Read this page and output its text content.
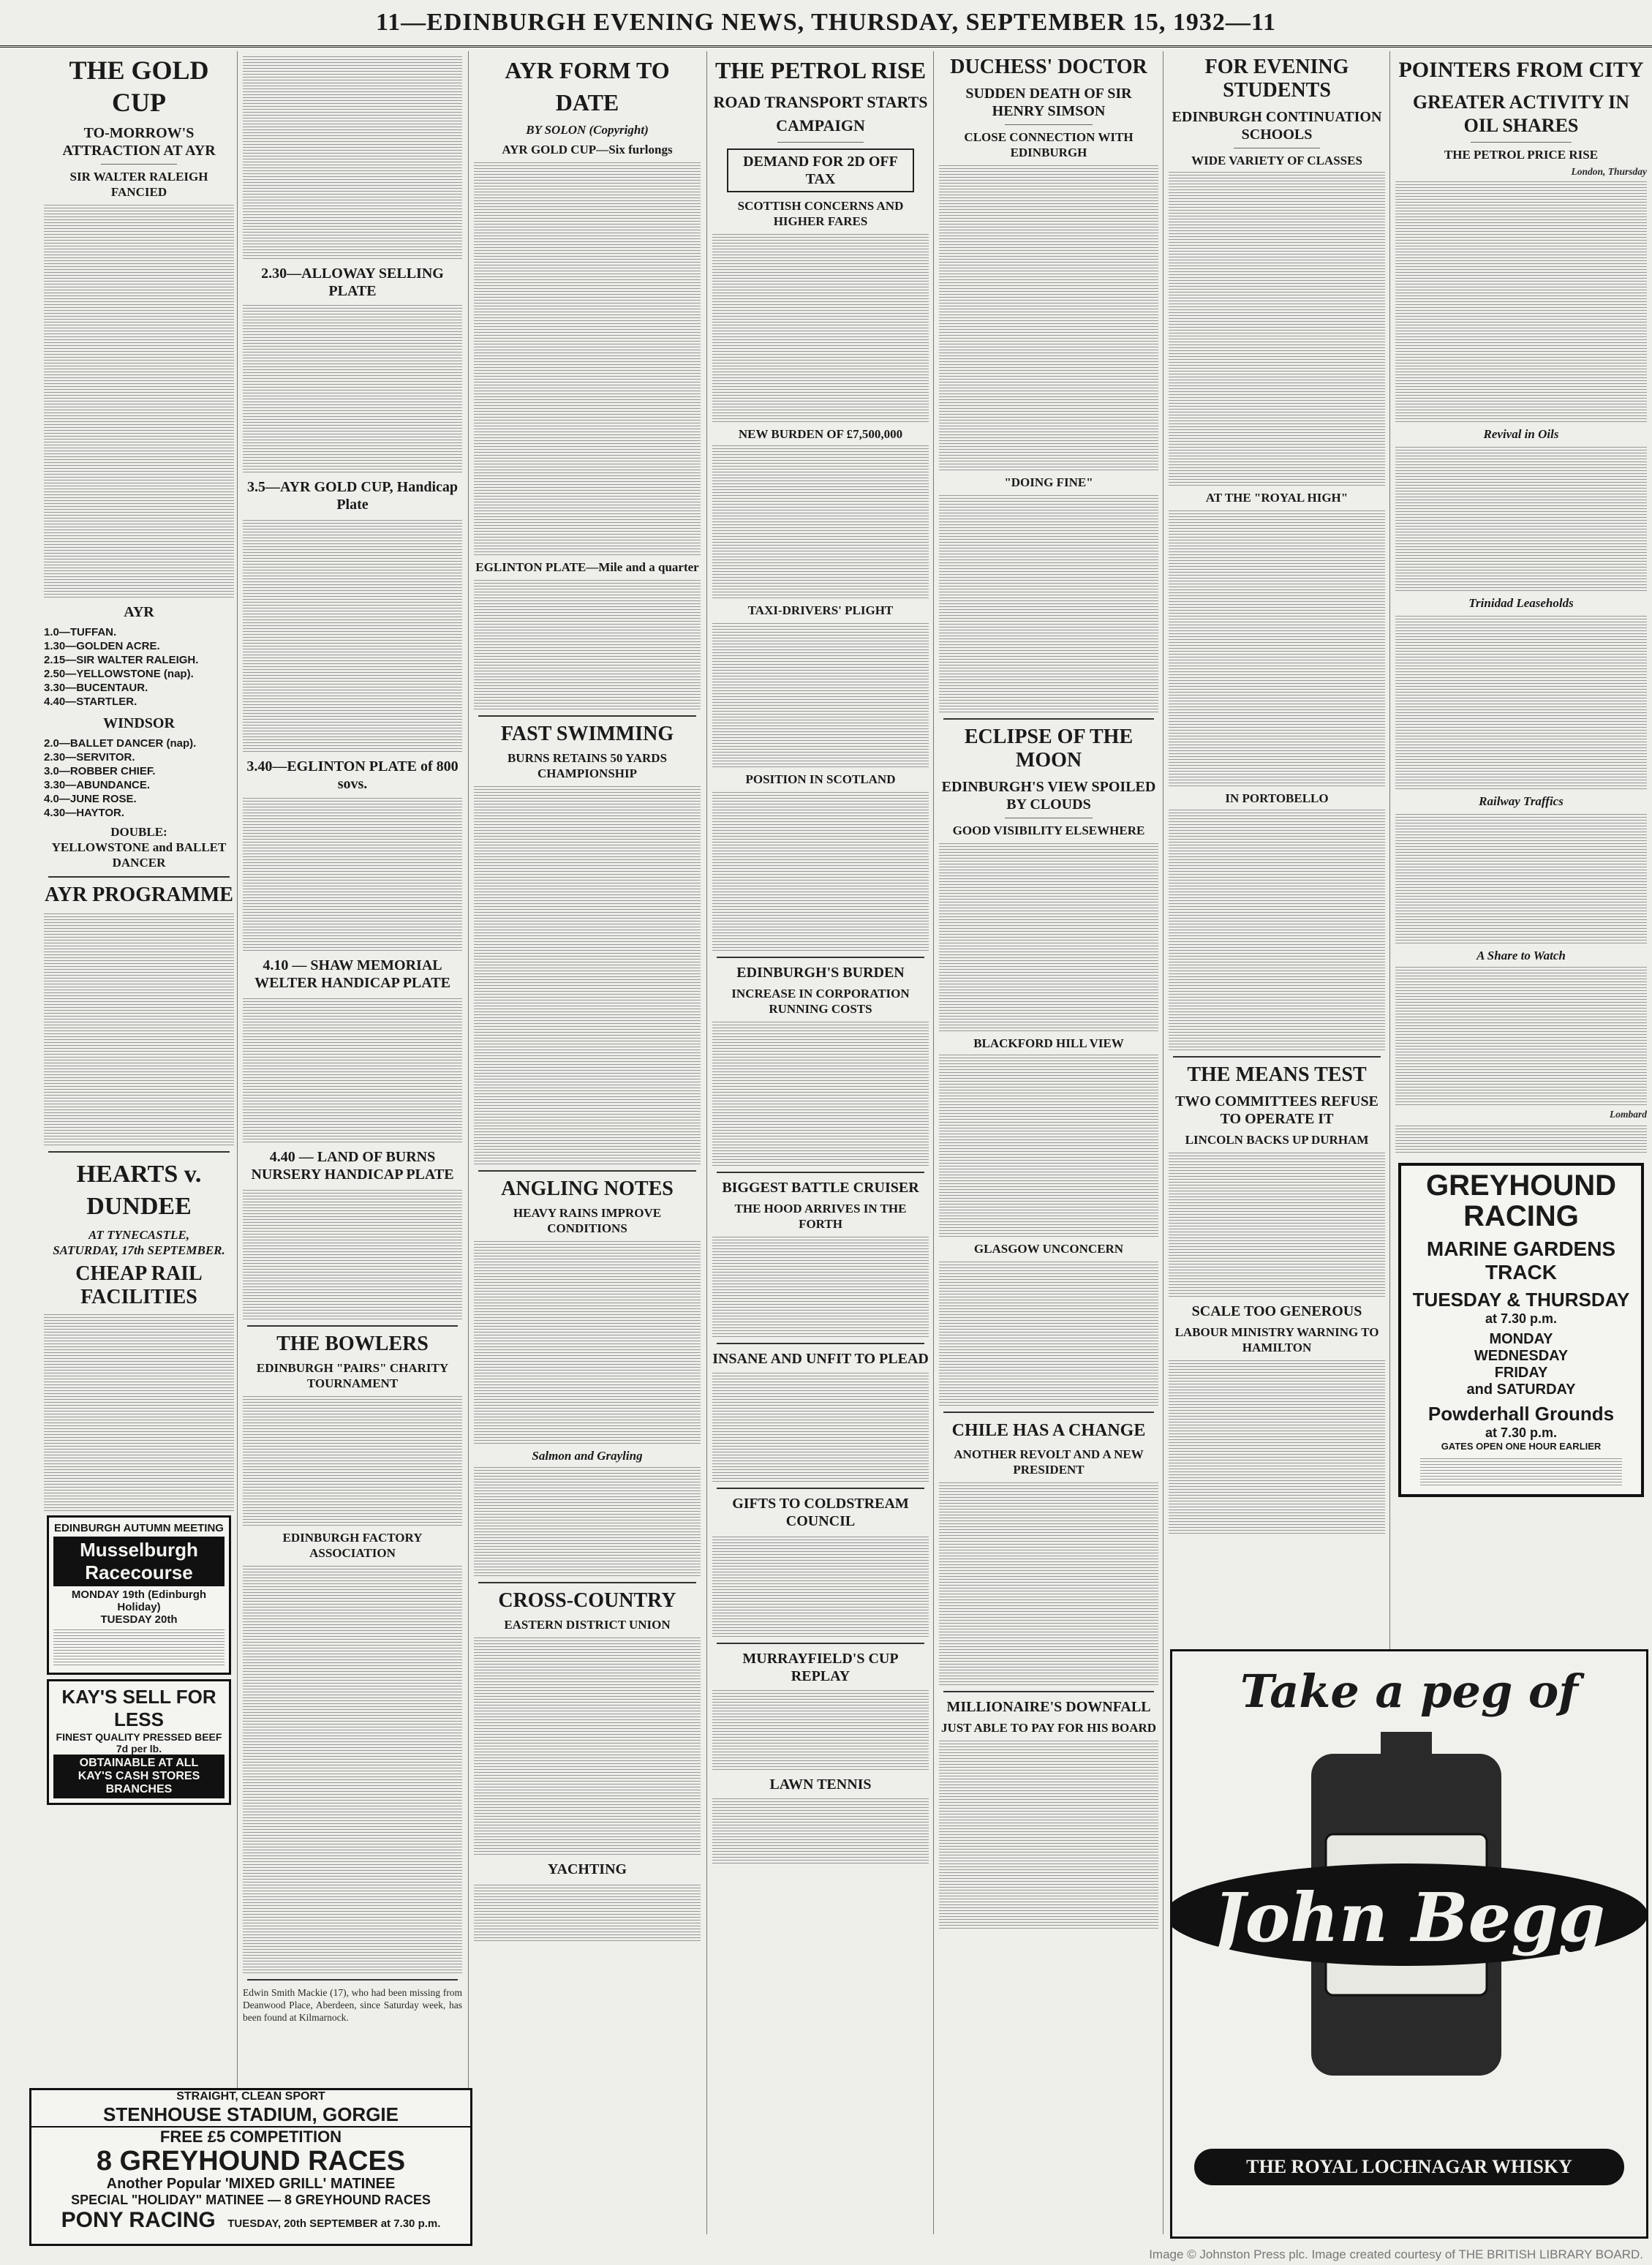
11—EDINBURGH EVENING NEWS, THURSDAY, SEPTEMBER 15, 1932—11
THE GOLD CUP
TO-MORROW'S ATTRACTION AT AYR
SIR WALTER RALEIGH FANCIED
AYR
1.0—TUFFAN.
1.30—GOLDEN ACRE.
2.15—SIR WALTER RALEIGH.
2.50—YELLOWSTONE (nap).
3.30—BUCENTAUR.
4.40—STARTLER.
WINDSOR
2.0—BALLET DANCER (nap).
2.30—SERVITOR.
3.0—ROBBER CHIEF.
3.30—ABUNDANCE.
4.0—JUNE ROSE.
4.30—HAYTOR.
DOUBLE:
YELLOWSTONE and BALLET DANCER
AYR PROGRAMME
HEARTS v. DUNDEE
AT TYNECASTLE,
SATURDAY, 17th SEPTEMBER.
CHEAP RAIL FACILITIES
EDINBURGH AUTUMN MEETING
Musselburgh Racecourse
MONDAY 19th (Edinburgh Holiday)
TUESDAY 20th
KAY'S SELL FOR LESS
FINEST QUALITY PRESSED BEEF
7d per lb.
OBTAINABLE AT ALL
KAY'S CASH STORES BRANCHES
STRAIGHT, CLEAN SPORT
STENHOUSE STADIUM, GORGIE
FREE £5 COMPETITION
8 GREYHOUND RACES
Another Popular 'MIXED GRILL' MATINEE
SPECIAL "HOLIDAY" MATINEE — 8 GREYHOUND RACES
PONY RACING TUESDAY, 20th SEPTEMBER at 7.30 p.m.
2.30—ALLOWAY SELLING PLATE
3.5—AYR GOLD CUP, Handicap Plate
3.40—EGLINTON PLATE of 800 sovs.
4.10 — SHAW MEMORIAL WELTER HANDICAP PLATE
4.40 — LAND OF BURNS NURSERY HANDICAP PLATE
THE BOWLERS
EDINBURGH "PAIRS" CHARITY TOURNAMENT
EDINBURGH FACTORY ASSOCIATION
Edwin Smith Mackie (17), who had been missing from Deanwood Place, Aberdeen, since Saturday week, has been found at Kilmarnock.
AYR FORM TO DATE
BY SOLON (Copyright)
AYR GOLD CUP—Six furlongs
EGLINTON PLATE—Mile and a quarter
FAST SWIMMING
BURNS RETAINS 50 YARDS CHAMPIONSHIP
ANGLING NOTES
HEAVY RAINS IMPROVE CONDITIONS
Salmon and Grayling
CROSS-COUNTRY
EASTERN DISTRICT UNION
YACHTING
THE PETROL RISE
ROAD TRANSPORT STARTS CAMPAIGN
DEMAND FOR 2D OFF TAX
SCOTTISH CONCERNS AND HIGHER FARES
NEW BURDEN OF £7,500,000
TAXI-DRIVERS' PLIGHT
POSITION IN SCOTLAND
EDINBURGH'S BURDEN
INCREASE IN CORPORATION RUNNING COSTS
BIGGEST BATTLE CRUISER
THE HOOD ARRIVES IN THE FORTH
INSANE AND UNFIT TO PLEAD
GIFTS TO COLDSTREAM COUNCIL
MURRAYFIELD'S CUP REPLAY
LAWN TENNIS
DUCHESS' DOCTOR
SUDDEN DEATH OF SIR HENRY SIMSON
CLOSE CONNECTION WITH EDINBURGH
"DOING FINE"
ECLIPSE OF THE MOON
EDINBURGH'S VIEW SPOILED BY CLOUDS
GOOD VISIBILITY ELSEWHERE
BLACKFORD HILL VIEW
GLASGOW UNCONCERN
CHILE HAS A CHANGE
ANOTHER REVOLT AND A NEW PRESIDENT
MILLIONAIRE'S DOWNFALL
JUST ABLE TO PAY FOR HIS BOARD
FOR EVENING STUDENTS
EDINBURGH CONTINUATION SCHOOLS
WIDE VARIETY OF CLASSES
AT THE "ROYAL HIGH"
IN PORTOBELLO
THE MEANS TEST
TWO COMMITTEES REFUSE TO OPERATE IT
LINCOLN BACKS UP DURHAM
SCALE TOO GENEROUS
LABOUR MINISTRY WARNING TO HAMILTON
POINTERS FROM CITY
GREATER ACTIVITY IN OIL SHARES
THE PETROL PRICE RISE
London, Thursday
Revival in Oils
Trinidad Leaseholds
Railway Traffics
A Share to Watch
Lombard
GREYHOUND RACING
MARINE GARDENS TRACK
TUESDAY & THURSDAY
at 7.30 p.m.
MONDAY
WEDNESDAY
FRIDAY
and SATURDAY
Powderhall Grounds
at 7.30 p.m.
GATES OPEN ONE HOUR EARLIER
Take a peg of
John Begg
THE ROYAL LOCHNAGAR WHISKY
Image © Johnston Press plc. Image created courtesy of THE BRITISH LIBRARY BOARD.
